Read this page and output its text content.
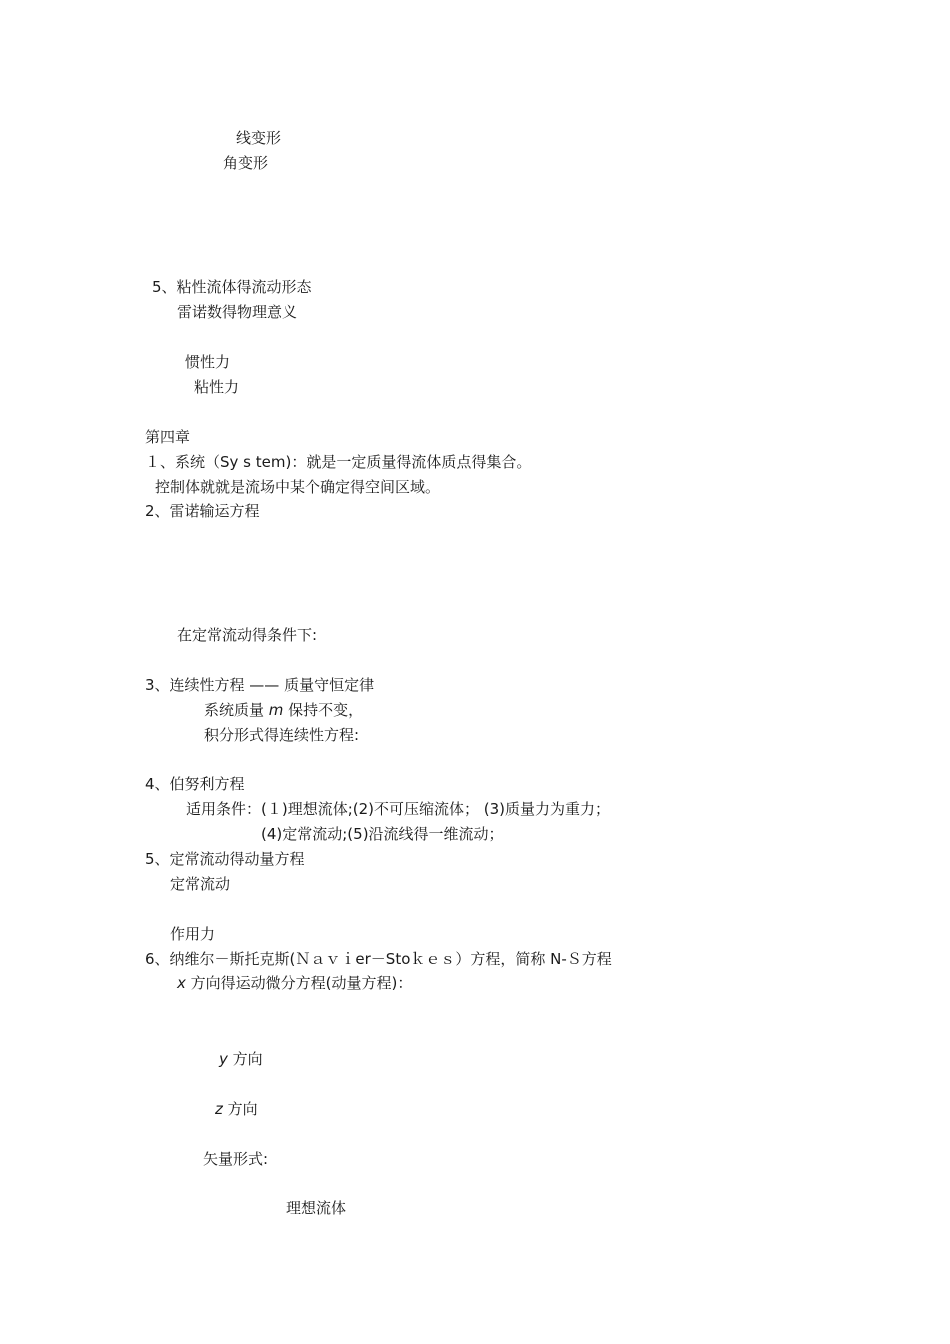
线变形
角变形
5、粘性流体得流动形态
雷诺数得物理意义
惯性力
粘性力
第四章
１、系统（Sy s tem)：就是一定质量得流体质点得集合。
控制体就就是流场中某个确定得空间区域。
2、雷诺输运方程
在定常流动得条件下:
3、连续性方程 —— 质量守恒定律
系统质量 m 保持不变，
积分形式得连续性方程:
4、伯努利方程
适用条件：(１)理想流体;(2)不可压缩流体； (3)质量力为重力；
(4)定常流动;(5)沿流线得一维流动；
5、定常流动得动量方程
定常流动
作用力
6、纳维尔－斯托克斯(Ｎａｖｉer－Stoｋｅｓ）方程，简称 N-Ｓ方程
x 方向得运动微分方程(动量方程)：
y 方向
z 方向
矢量形式:
理想流体
